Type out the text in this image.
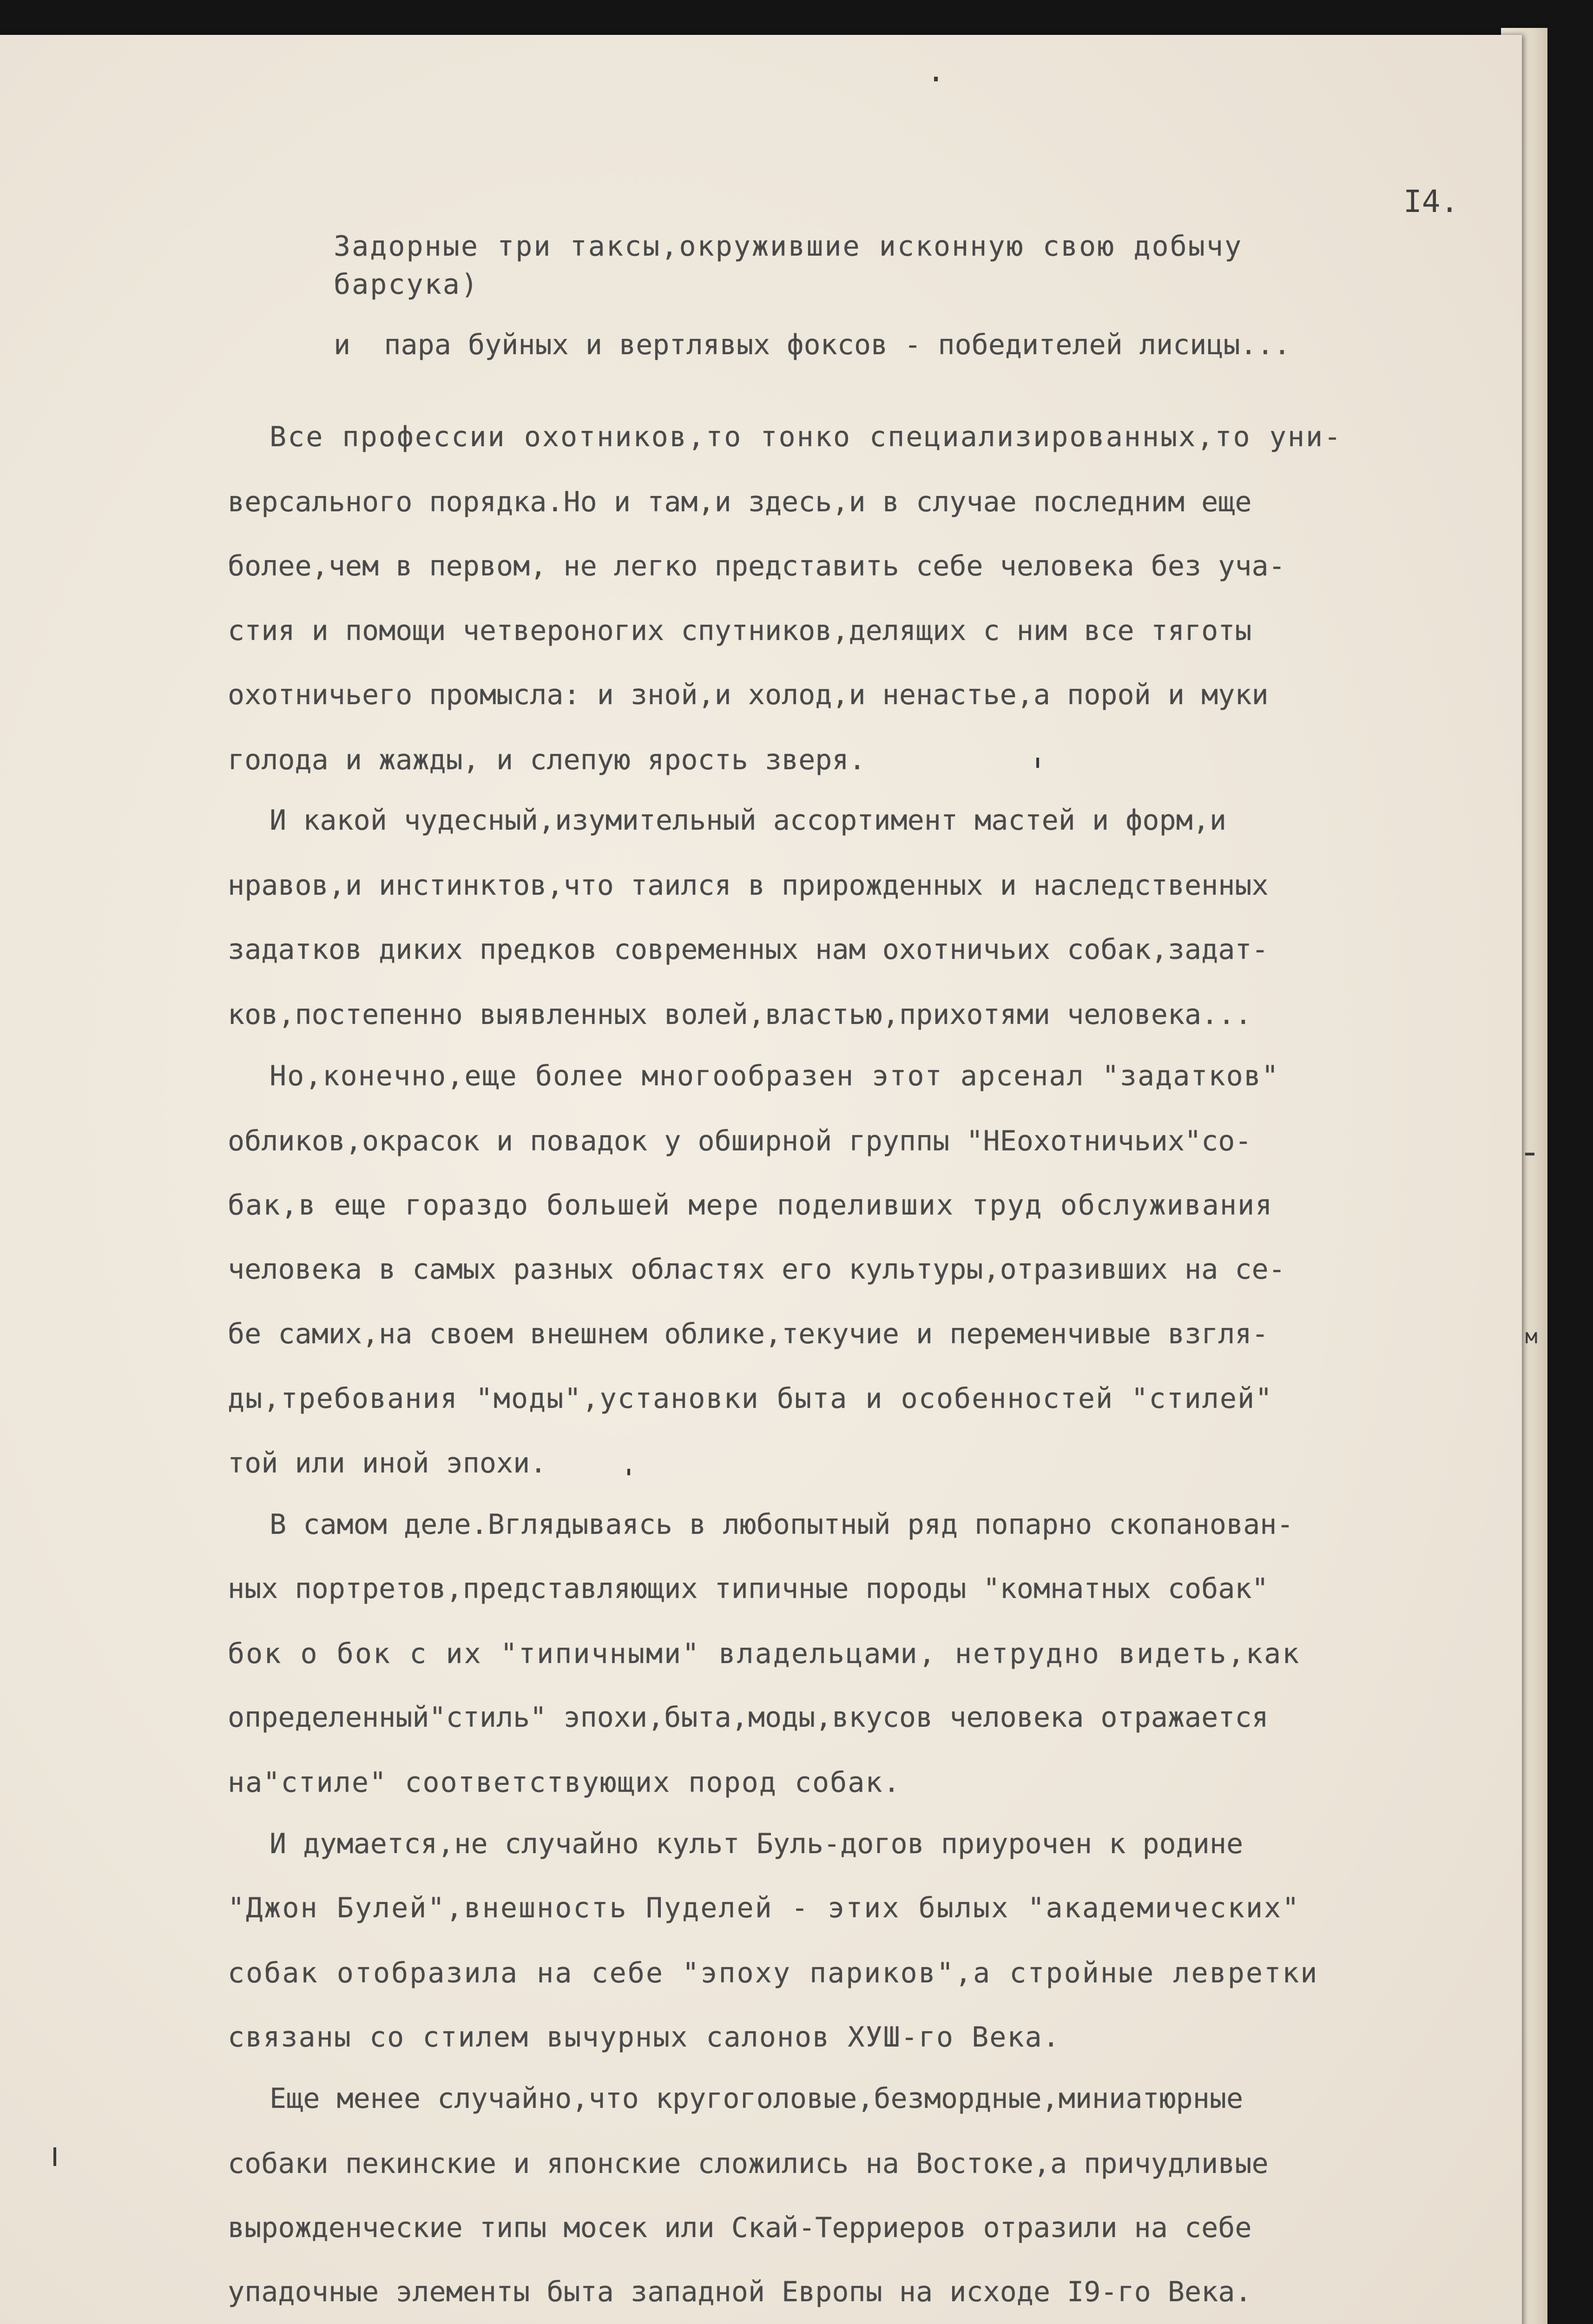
I4.
Задорные три таксы,окружившие исконную свою добычу
барсука)
и  пара буйных и вертлявых фоксов - победителей лисицы...
Все профессии охотников,то тонко специализированных,то уни-
версального порядка.Но и там,и здесь,и в случае последним еще
более,чем в первом, не легко представить себе человека без уча-
стия и помощи четвероногих спутников,делящих с ним все тяготы
охотничьего промысла: и зной,и холод,и ненастье,а порой и муки
голода и жажды, и слепую ярость зверя.
И какой чудесный,изумительный ассортимент мастей и форм,и
нравов,и инстинктов,что таился в прирожденных и наследственных
задатков диких предков современных нам охотничьих собак,задат-
ков,постепенно выявленных волей,властью,прихотями человека...
Но,конечно,еще более многообразен этот арсенал "задатков"
обликов,окрасок и повадок у обширной группы "НЕохотничьих"со-
бак,в еще гораздо большей мере поделивших труд обслуживания
человека в самых разных областях его культуры,отразивших на се-
бе самих,на своем внешнем облике,текучие и переменчивые взгля-
ды,требования "моды",установки быта и особенностей "стилей"
той или иной эпохи.
В самом деле.Вглядываясь в любопытный ряд попарно скопанован-
ных портретов,представляющих типичные породы "комнатных собак"
бок о бок с их "типичными" владельцами, нетрудно видеть,как
определенный"стиль" эпохи,быта,моды,вкусов человека отражается
на"стиле" соответствующих пород собак.
И думается,не случайно культ Буль-догов приурочен к родине
"Джон Булей",внешность Пуделей - этих былых "академических"
собак отобразила на себе "эпоху париков",а стройные левретки
связаны со стилем вычурных салонов ХУШ-го Века.
Еще менее случайно,что кругоголовые,безмордные,миниатюрные
собаки пекинские и японские сложились на Востоке,а причудливые
вырожденческие типы мосек или Скай-Терриеров отразили на себе
упадочные элементы быта западной Европы на исходе I9-го Века.
м
